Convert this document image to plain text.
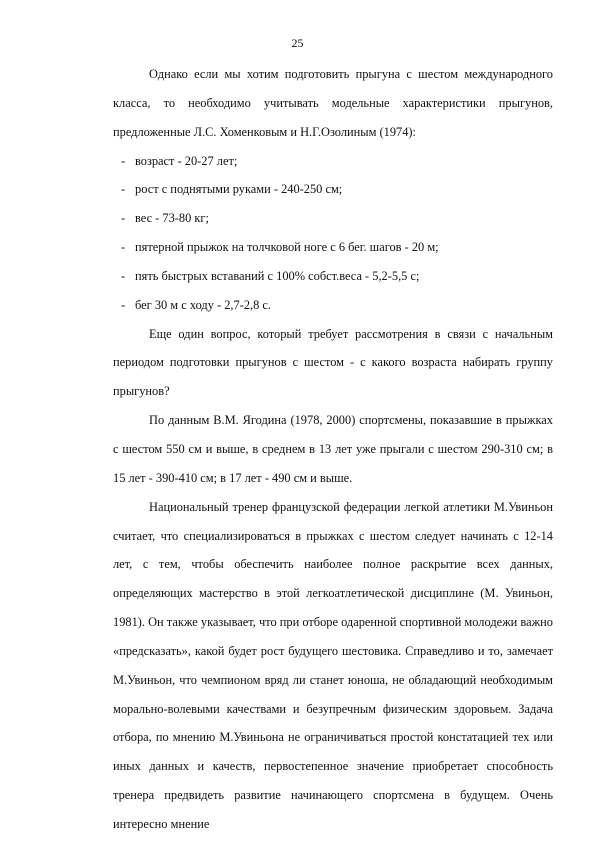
25

Однако если мы хотим подготовить прыгуна с шестом международного класса, то необходимо учитывать модельные характеристики прыгунов, предложенные Л.С. Хоменковым и Н.Г.Озолиным (1974):

- возраст - 20-27 лет;
- рост с поднятыми руками - 240-250 см;
- вес - 73-80 кг;
- пятерной прыжок на толчковой ноге с 6 бег. шагов - 20 м;
- пять быстрых вставаний с 100% собст.веса - 5,2-5,5 с;
- бег 30 м с ходу - 2,7-2,8 с.

Еще один вопрос, который требует рассмотрения в связи с начальным периодом подготовки прыгунов с шестом - с какого возраста набирать группу прыгунов?

По данным В.М. Ягодина (1978, 2000) спортсмены, показавшие в прыжках с шестом 550 см и выше, в среднем в 13 лет уже прыгали с шестом 290-310 см; в 15 лет - 390-410 см; в 17 лет - 490 см и выше.

Национальный тренер французской федерации легкой атлетики М.Увиньон считает, что специализироваться в прыжках с шестом следует начинать с 12-14 лет, с тем, чтобы обеспечить наиболее полное раскрытие всех данных, определяющих мастерство в этой легкоатлетической дисциплине (М. Увиньон, 1981). Он также указывает, что при отборе одаренной спортивной молодежи важно «предсказать», какой будет рост будущего шестовика. Справедливо и то, замечает М.Увиньон, что чемпионом вряд ли станет юноша, не обладающий необходимым морально-волевыми качествами и безупречным физическим здоровьем. Задача отбора, по мнению М.Увиньона не ограничиваться простой констатацией тех или иных данных и качеств, первостепенное значение приобретает способность тренера предвидеть развитие начинающего спортсмена в будущем. Очень интересно мнение
